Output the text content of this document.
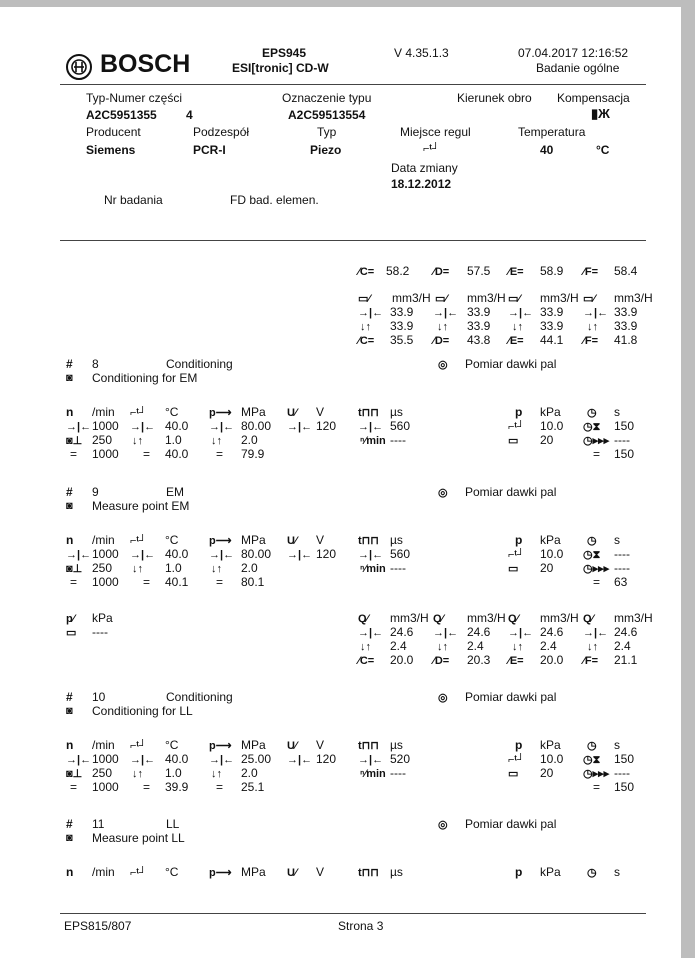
BOSCH	EPS945
ESI[tronic] CD-W
V 4.35.1.3	07.04.2017 12:16:52
Badanie ogólne
Typ-Numer części
A2C5951355 4
Oznaczenie typu
A2C59513554
Kierunek obro Kompensacja
▮Ж
Producent
Siemens
Podzespół
PCR-I
Typ
Piezo
Miejsce regul
⌐ᵗ┘
Temperatura
40	°C
Data zmiany
18.12.2012
Nr badania	FD bad. elemen.
⁄C= 58.2 ⁄D= 57.5 ⁄E= 58.9 ⁄F= 58.4
▭⁄ mm3/H ▭⁄ mm3/H ▭⁄ mm3/H ▭⁄ mm3/H
→|← 33.9 →|← 33.9 →|← 33.9 →|← 33.9
↓↑ 33.9 ↓↑ 33.9 ↓↑ 33.9 ↓↑ 33.9
⁄C= 35.5 ⁄D= 43.8 ⁄E= 44.1 ⁄F= 41.8
# 8	Conditioning
◙ Conditioning for EM
◎ Pomiar dawki pal
n /min ⌐ᵗ┘ °C	p⟶ MPa U⁄ V	t⊓⊓ µs	p kPa ◷ s
→|← 1000 →|← 40.0 →|← 80.00 →|← 120 →|← 560	⌐ᵗ┘ 10.0 ◷⧗ 150
◙⊥ 250 ↓↑ 1.0	↓↑ 2.0	ⁿ⁄min ----	▭ 20	◷▸▸▸ ----
= 1000 = 40.0 = 79.9	= 150
# 9	EM
◙ Measure point EM
◎ Pomiar dawki pal
n /min ⌐ᵗ┘ °C	p⟶ MPa U⁄ V	t⊓⊓ µs	p kPa ◷ s
→|← 1000 →|← 40.0 →|← 80.00 →|← 120 →|← 560	⌐ᵗ┘ 10.0 ◷⧗ ----
◙⊥ 250 ↓↑ 1.0	↓↑ 2.0	ⁿ⁄min ----	▭ 20	◷▸▸▸ ----
= 1000 = 40.1 = 80.1	= 63
# 10	Conditioning
◙ Conditioning for LL
◎ Pomiar dawki pal
n /min ⌐ᵗ┘ °C	p⟶ MPa U⁄ V	t⊓⊓ µs	p kPa ◷ s
→|← 1000 →|← 40.0 →|← 25.00 →|← 120 →|← 520	⌐ᵗ┘ 10.0 ◷⧗ 150
◙⊥ 250 ↓↑ 1.0	↓↑ 2.0	ⁿ⁄min ----	▭ 20	◷▸▸▸ ----
= 1000 = 39.9 = 25.1	= 150
# 11	LL
◙ Measure point LL
◎ Pomiar dawki pal
n /min ⌐ᵗ┘ °C	p⟶ MPa U⁄ V	t⊓⊓ µs	p kPa ◷ s
p⁄ kPa
▭ ----
Q⁄ mm3/H Q⁄ mm3/H Q⁄ mm3/H Q⁄ mm3/H
→|← 24.6 →|← 24.6 →|← 24.6 →|← 24.6
↓↑ 2.4	↓↑ 2.4	↓↑ 2.4	↓↑ 2.4
⁄C= 20.0 ⁄D= 20.3 ⁄E= 20.0 ⁄F= 21.1
EPS815/807	Strona 3
